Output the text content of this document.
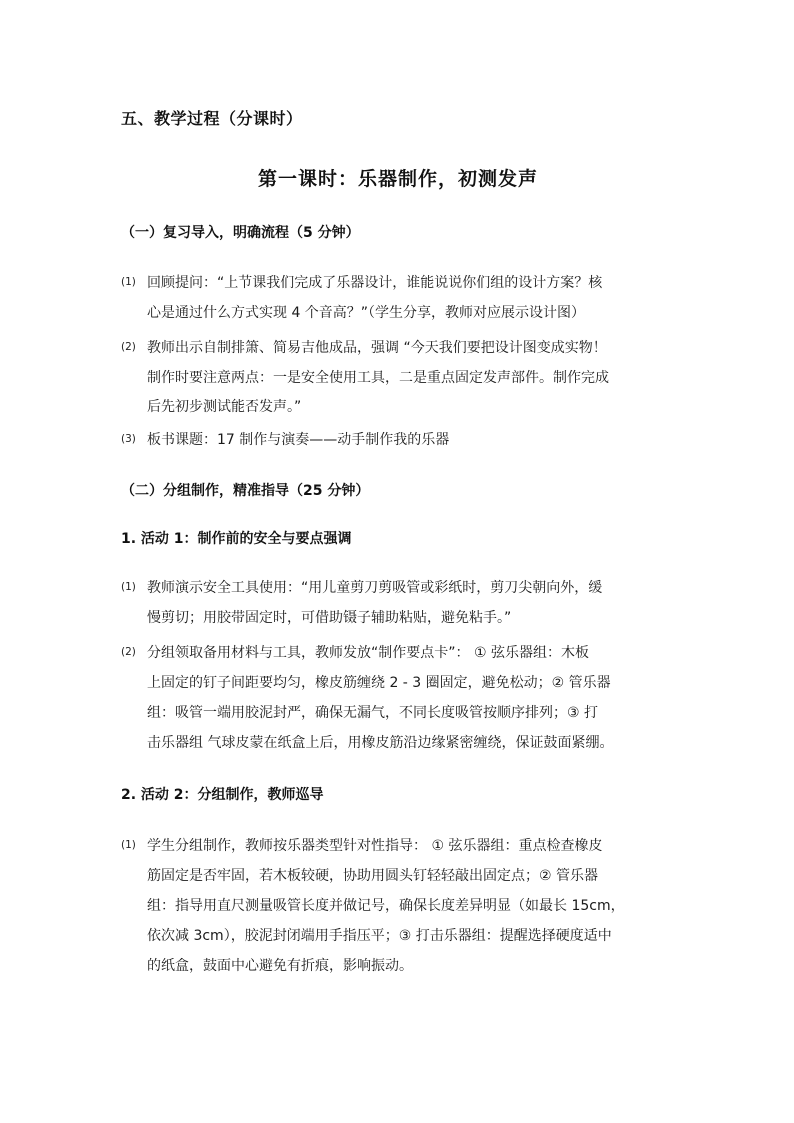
五、教学过程（分课时）
第一课时：乐器制作，初测发声
（一）复习导入，明确流程（5 分钟）
(1) 回顾提问：“上节课我们完成了乐器设计，谁能说说你们组的设计方案？核
心是通过什么方式实现 4 个音高？”（学生分享，教师对应展示设计图）
(2) 教师出示自制排箫、简易吉他成品，强调 “今天我们要把设计图变成实物！
制作时要注意两点：一是安全使用工具，二是重点固定发声部件。制作完成
后先初步测试能否发声。”
(3) 板书课题：17 制作与演奏——动手制作我的乐器
（二）分组制作，精准指导（25 分钟）
1. 活动 1：制作前的安全与要点强调
(1) 教师演示安全工具使用：“用儿童剪刀剪吸管或彩纸时，剪刀尖朝向外，缓
慢剪切；用胶带固定时，可借助镊子辅助粘贴，避免粘手。”
(2) 分组领取备用材料与工具，教师发放“制作要点卡”： ① 弦乐器组：木板
上固定的钉子间距要均匀，橡皮筋缠绕 2 - 3 圈固定，避免松动；② 管乐器
组：吸管一端用胶泥封严，确保无漏气，不同长度吸管按顺序排列；③ 打
击乐器组 气球皮蒙在纸盒上后，用橡皮筋沿边缘紧密缠绕，保证鼓面紧绷。
2. 活动 2：分组制作，教师巡导
(1) 学生分组制作，教师按乐器类型针对性指导： ① 弦乐器组：重点检查橡皮
筋固定是否牢固，若木板较硬，协助用圆头钉轻轻敲出固定点；② 管乐器
组：指导用直尺测量吸管长度并做记号，确保长度差异明显（如最长 15cm，
依次减 3cm），胶泥封闭端用手指压平；③ 打击乐器组：提醒选择硬度适中
的纸盒，鼓面中心避免有折痕，影响振动。
